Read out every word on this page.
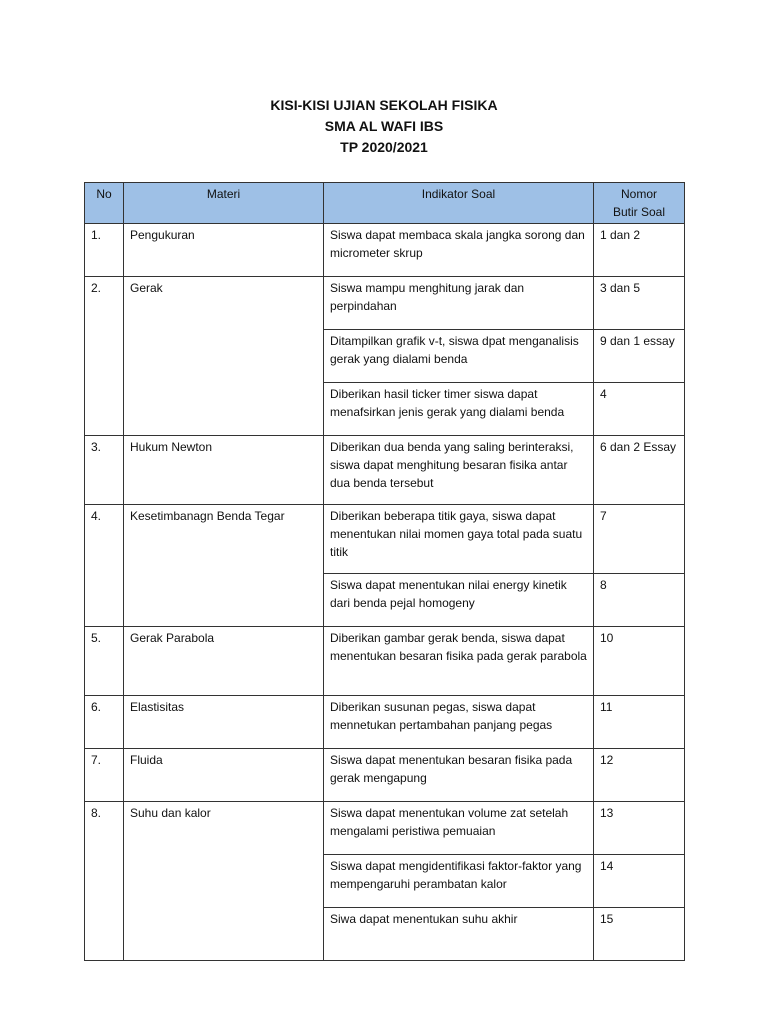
KISI-KISI UJIAN SEKOLAH FISIKA
SMA AL WAFI IBS
TP 2020/2021
No	Materi	Indikator Soal	Nomor
Butir Soal

1.	Pengukuran	Siswa dapat membaca skala jangka sorong dan micrometer skrup	1 dan 2
2.	Gerak	Siswa mampu menghitung jarak dan perpindahan	3 dan 5
		Ditampilkan grafik v-t, siswa dpat menganalisis gerak yang dialami benda	9 dan 1 essay
		Diberikan hasil ticker timer siswa dapat menafsirkan jenis gerak yang dialami benda	4
3.	Hukum Newton	Diberikan dua benda yang saling berinteraksi, siswa dapat menghitung besaran fisika antar dua benda tersebut	6 dan 2 Essay
4.	Kesetimbanagn Benda Tegar	Diberikan beberapa titik gaya, siswa dapat menentukan nilai momen gaya total pada suatu titik	7
		Siswa dapat menentukan nilai energy kinetik dari benda pejal homogeny	8
5.	Gerak Parabola	Diberikan gambar gerak benda, siswa dapat menentukan besaran fisika pada gerak parabola	10
6.	Elastisitas	Diberikan susunan pegas, siswa dapat mennetukan pertambahan panjang pegas	11
7.	Fluida	Siswa dapat menentukan besaran fisika pada gerak mengapung	12
8.	Suhu dan kalor	Siswa dapat menentukan volume zat setelah mengalami peristiwa pemuaian	13
		Siswa dapat mengidentifikasi faktor-faktor yang mempengaruhi perambatan kalor	14
		Siwa dapat menentukan suhu akhir	15
